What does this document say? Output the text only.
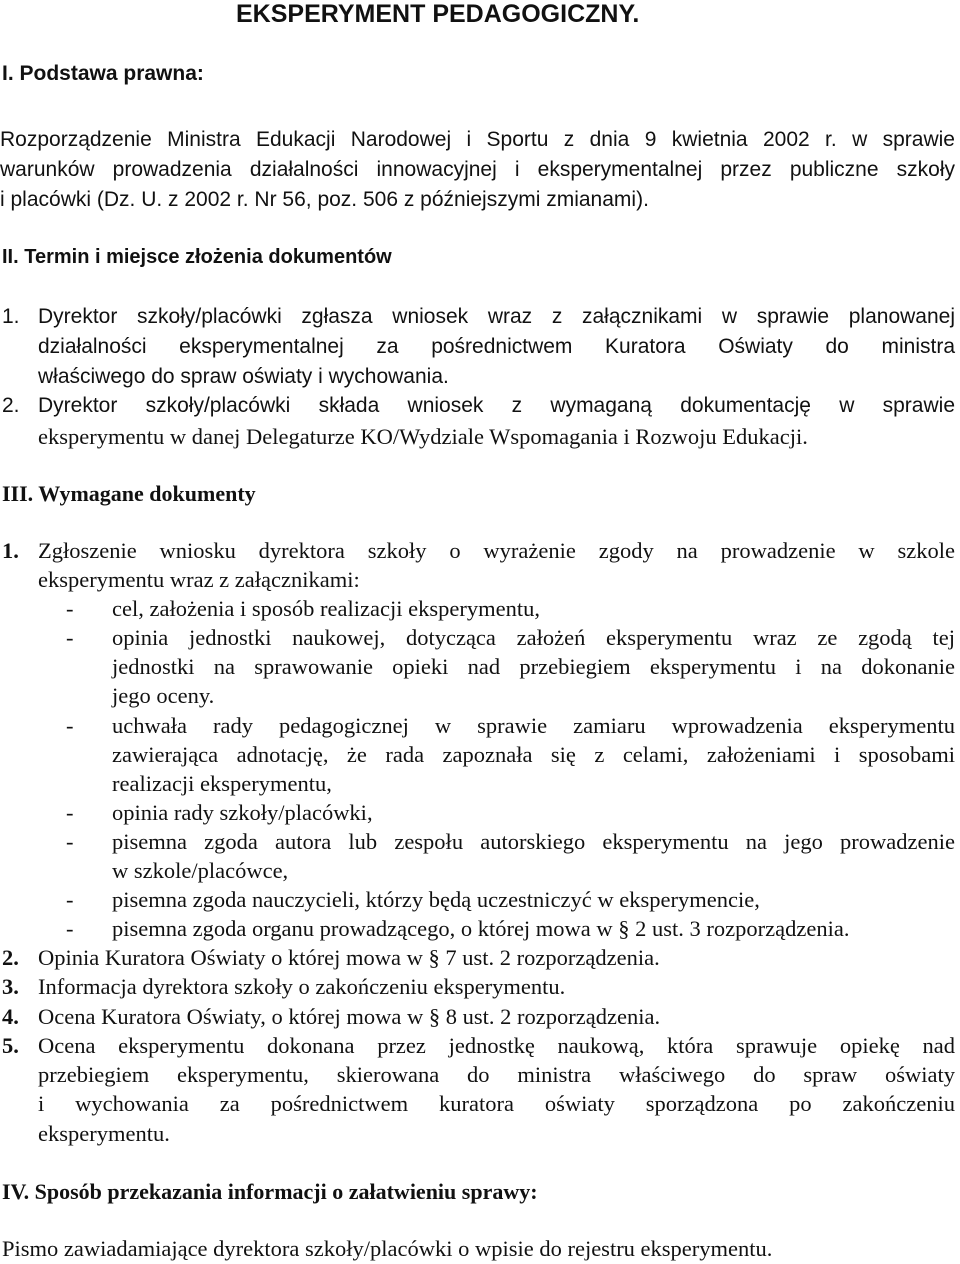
EKSPERYMENT PEDAGOGICZNY.
I. Podstawa prawna:
Rozporządzenie Ministra Edukacji Narodowej i Sportu z dnia 9 kwietnia 2002 r. w sprawie
warunków prowadzenia działalności innowacyjnej i eksperymentalnej przez publiczne szkoły
i placówki (Dz. U. z 2002 r. Nr 56, poz. 506 z późniejszymi zmianami).
II. Termin i miejsce złożenia dokumentów
1. Dyrektor szkoły/placówki zgłasza wniosek wraz z załącznikami w sprawie planowanej
działalności eksperymentalnej za pośrednictwem Kuratora Oświaty do ministra
właściwego do spraw oświaty i wychowania.
2. Dyrektor szkoły/placówki składa wniosek z wymaganą dokumentację w sprawie
eksperymentu w danej Delegaturze KO/Wydziale Wspomagania i Rozwoju Edukacji.
III. Wymagane dokumenty
1. Zgłoszenie wniosku dyrektora szkoły o wyrażenie zgody na prowadzenie w szkole
eksperymentu wraz z załącznikami:
- cel, założenia i sposób realizacji eksperymentu,
- opinia jednostki naukowej, dotycząca założeń eksperymentu wraz ze zgodą tej
jednostki na sprawowanie opieki nad przebiegiem eksperymentu i na dokonanie
jego oceny.
- uchwała rady pedagogicznej w sprawie zamiaru wprowadzenia eksperymentu
zawierająca adnotację, że rada zapoznała się z celami, założeniami i sposobami
realizacji eksperymentu,
- opinia rady szkoły/placówki,
- pisemna zgoda autora lub zespołu autorskiego eksperymentu na jego prowadzenie
w szkole/placówce,
- pisemna zgoda nauczycieli, którzy będą uczestniczyć w eksperymencie,
- pisemna zgoda organu prowadzącego, o której mowa w § 2 ust. 3 rozporządzenia.
2. Opinia Kuratora Oświaty o której mowa w § 7 ust. 2 rozporządzenia.
3. Informacja dyrektora szkoły o zakończeniu eksperymentu.
4. Ocena Kuratora Oświaty, o której mowa w § 8 ust. 2 rozporządzenia.
5. Ocena eksperymentu dokonana przez jednostkę naukową, która sprawuje opiekę nad
przebiegiem eksperymentu, skierowana do ministra właściwego do spraw oświaty
i wychowania za pośrednictwem kuratora oświaty sporządzona po zakończeniu
eksperymentu.
IV. Sposób przekazania informacji o załatwieniu sprawy:
Pismo zawiadamiające dyrektora szkoły/placówki o wpisie do rejestru eksperymentu.
